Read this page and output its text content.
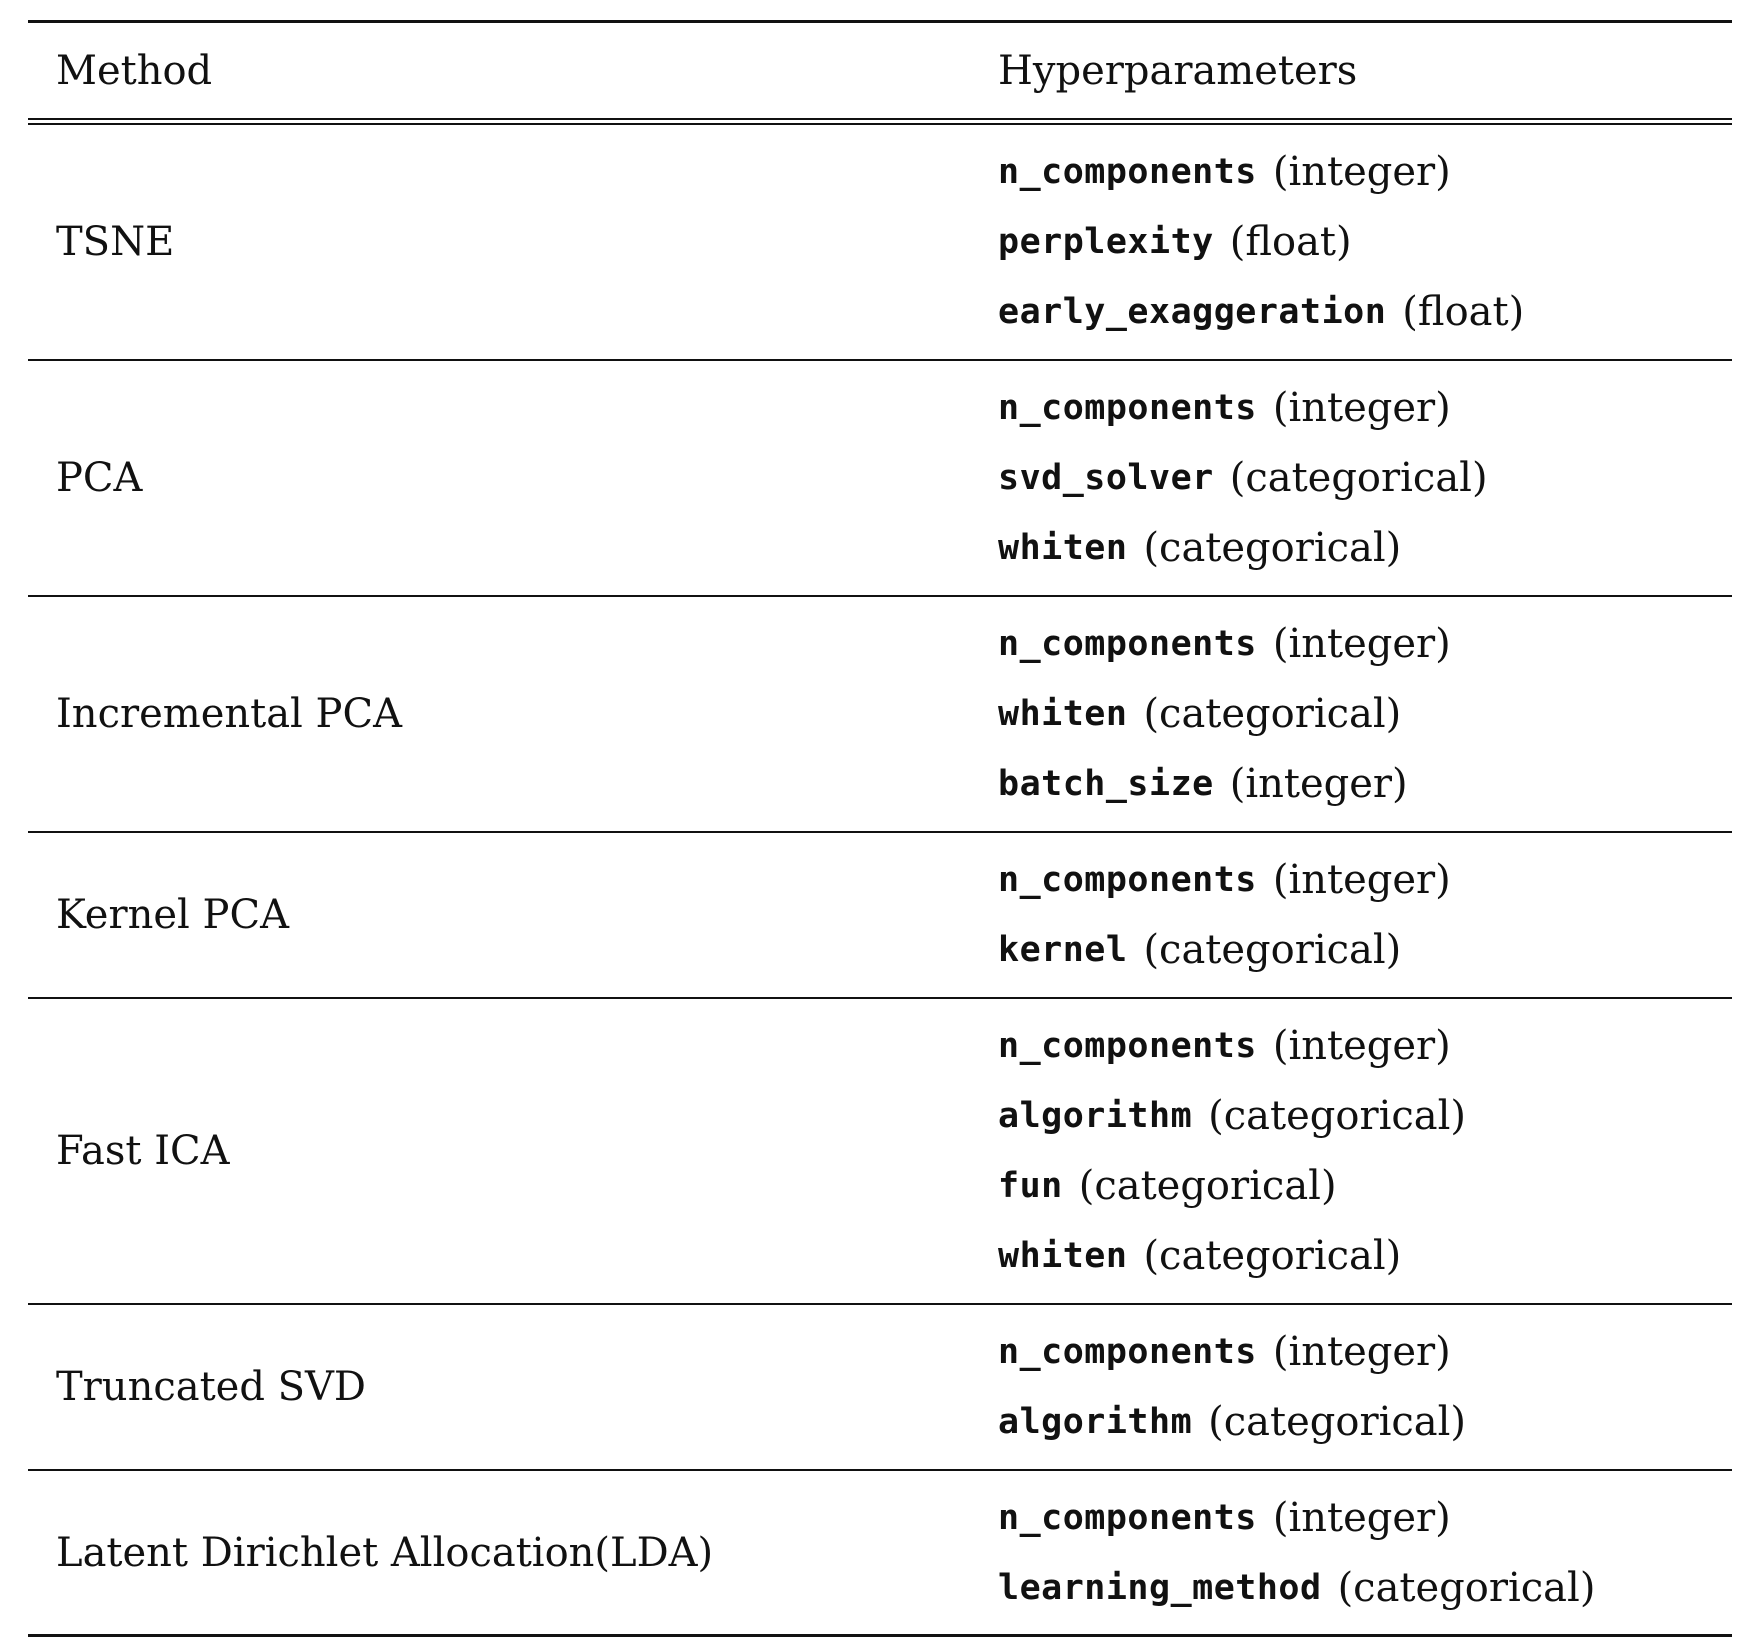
Method	Hyperparameters
TSNE
n_components (integer)
perplexity (float)
early_exaggeration (float)
PCA
n_components (integer)
svd_solver (categorical)
whiten (categorical)
Incremental PCA
n_components (integer)
whiten (categorical)
batch_size (integer)
Kernel PCA
n_components (integer)
kernel (categorical)
Fast ICA
n_components (integer)
algorithm (categorical)
fun (categorical)
whiten (categorical)
Truncated SVD
n_components (integer)
algorithm (categorical)
Latent Dirichlet Allocation(LDA)
n_components (integer)
learning_method (categorical)
